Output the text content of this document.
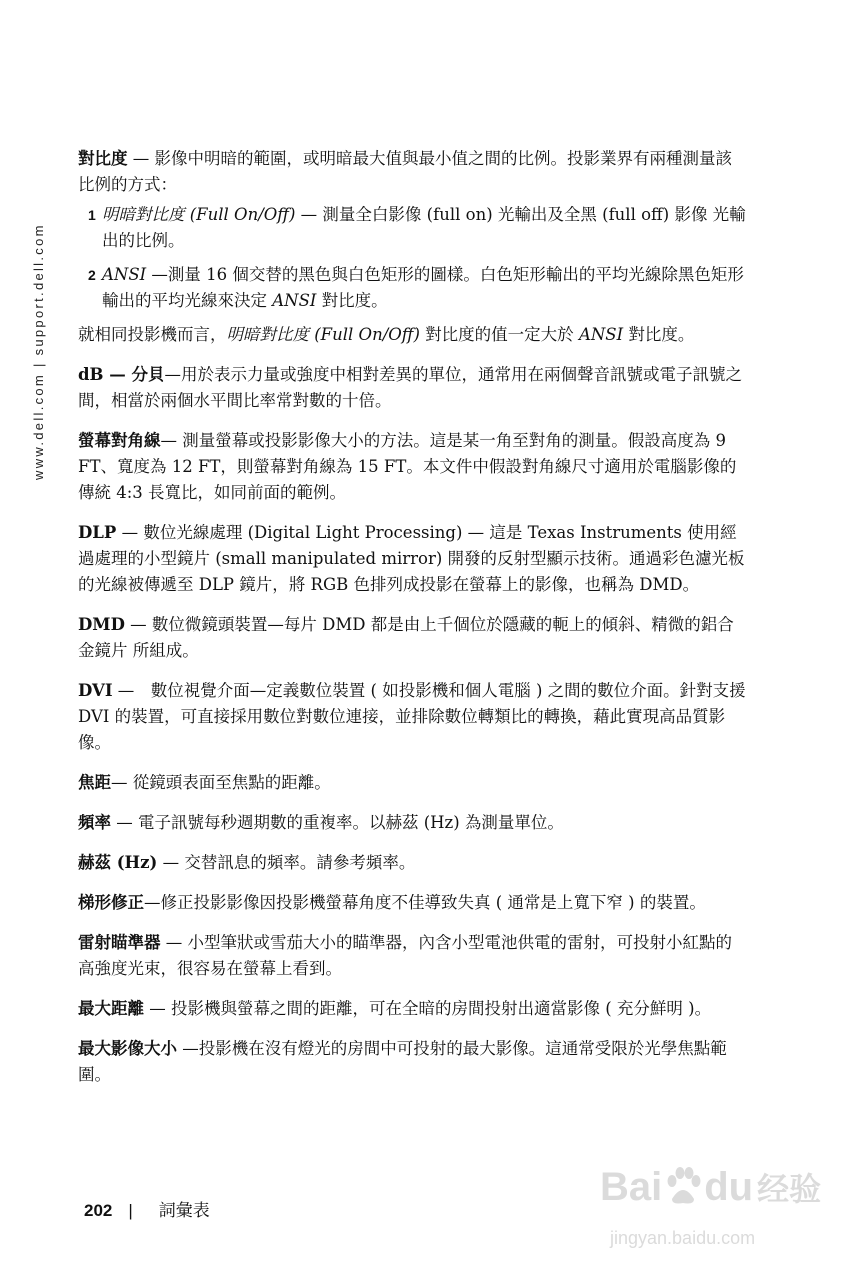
www.dell.com | support.dell.com

對比度 — 影像中明暗的範圍，或明暗最大值與最小值之間的比例。投影業界有兩種測量該比例的方式：

1 明暗對比度 (Full On/Off) — 測量全白影像 (full on) 光輸出及全黑 (full off) 影像 光輸出的比例。
2 ANSI —測量 16 個交替的黑色與白色矩形的圖樣。白色矩形輸出的平均光線除黑色矩形輸出的平均光線來決定 ANSI 對比度。

就相同投影機而言，明暗對比度 (Full On/Off) 對比度的值一定大於 ANSI 對比度。

dB — 分貝—用於表示力量或強度中相對差異的單位，通常用在兩個聲音訊號或電子訊號之間，相當於兩個水平間比率常對數的十倍。

螢幕對角線— 測量螢幕或投影影像大小的方法。這是某一角至對角的測量。假設高度為 9 FT、寬度為 12 FT，則螢幕對角線為 15 FT。本文件中假設對角線尺寸適用於電腦影像的傳統 4:3 長寬比，如同前面的範例。

DLP — 數位光線處理 (Digital Light Processing) — 這是 Texas Instruments 使用經過處理的小型鏡片 (small manipulated mirror) 開發的反射型顯示技術。通過彩色濾光板的光線被傳遞至 DLP 鏡片，將 RGB 色排列成投影在螢幕上的影像，也稱為 DMD。

DMD — 數位微鏡頭裝置—每片 DMD 都是由上千個位於隱藏的軛上的傾斜、精微的鋁合金鏡片 所組成。

DVI —　數位視覺介面—定義數位裝置 ( 如投影機和個人電腦 ) 之間的數位介面。針對支援 DVI 的裝置，可直接採用數位對數位連接，並排除數位轉類比的轉換，藉此實現高品質影像。

焦距— 從鏡頭表面至焦點的距離。

頻率 — 電子訊號每秒週期數的重複率。以赫茲 (Hz) 為測量單位。

赫茲 (Hz) — 交替訊息的頻率。請參考頻率。

梯形修正—修正投影影像因投影機螢幕角度不佳導致失真 ( 通常是上寬下窄 ) 的裝置。

雷射瞄準器 — 小型筆狀或雪茄大小的瞄準器，內含小型電池供電的雷射，可投射小紅點的高強度光束，很容易在螢幕上看到。

最大距離 — 投影機與螢幕之間的距離，可在全暗的房間投射出適當影像 ( 充分鮮明 )。

最大影像大小 —投影機在沒有燈光的房間中可投射的最大影像。這通常受限於光學焦點範圍。

202 | 詞彙表
Bai du 经验
jingyan.baidu.com
